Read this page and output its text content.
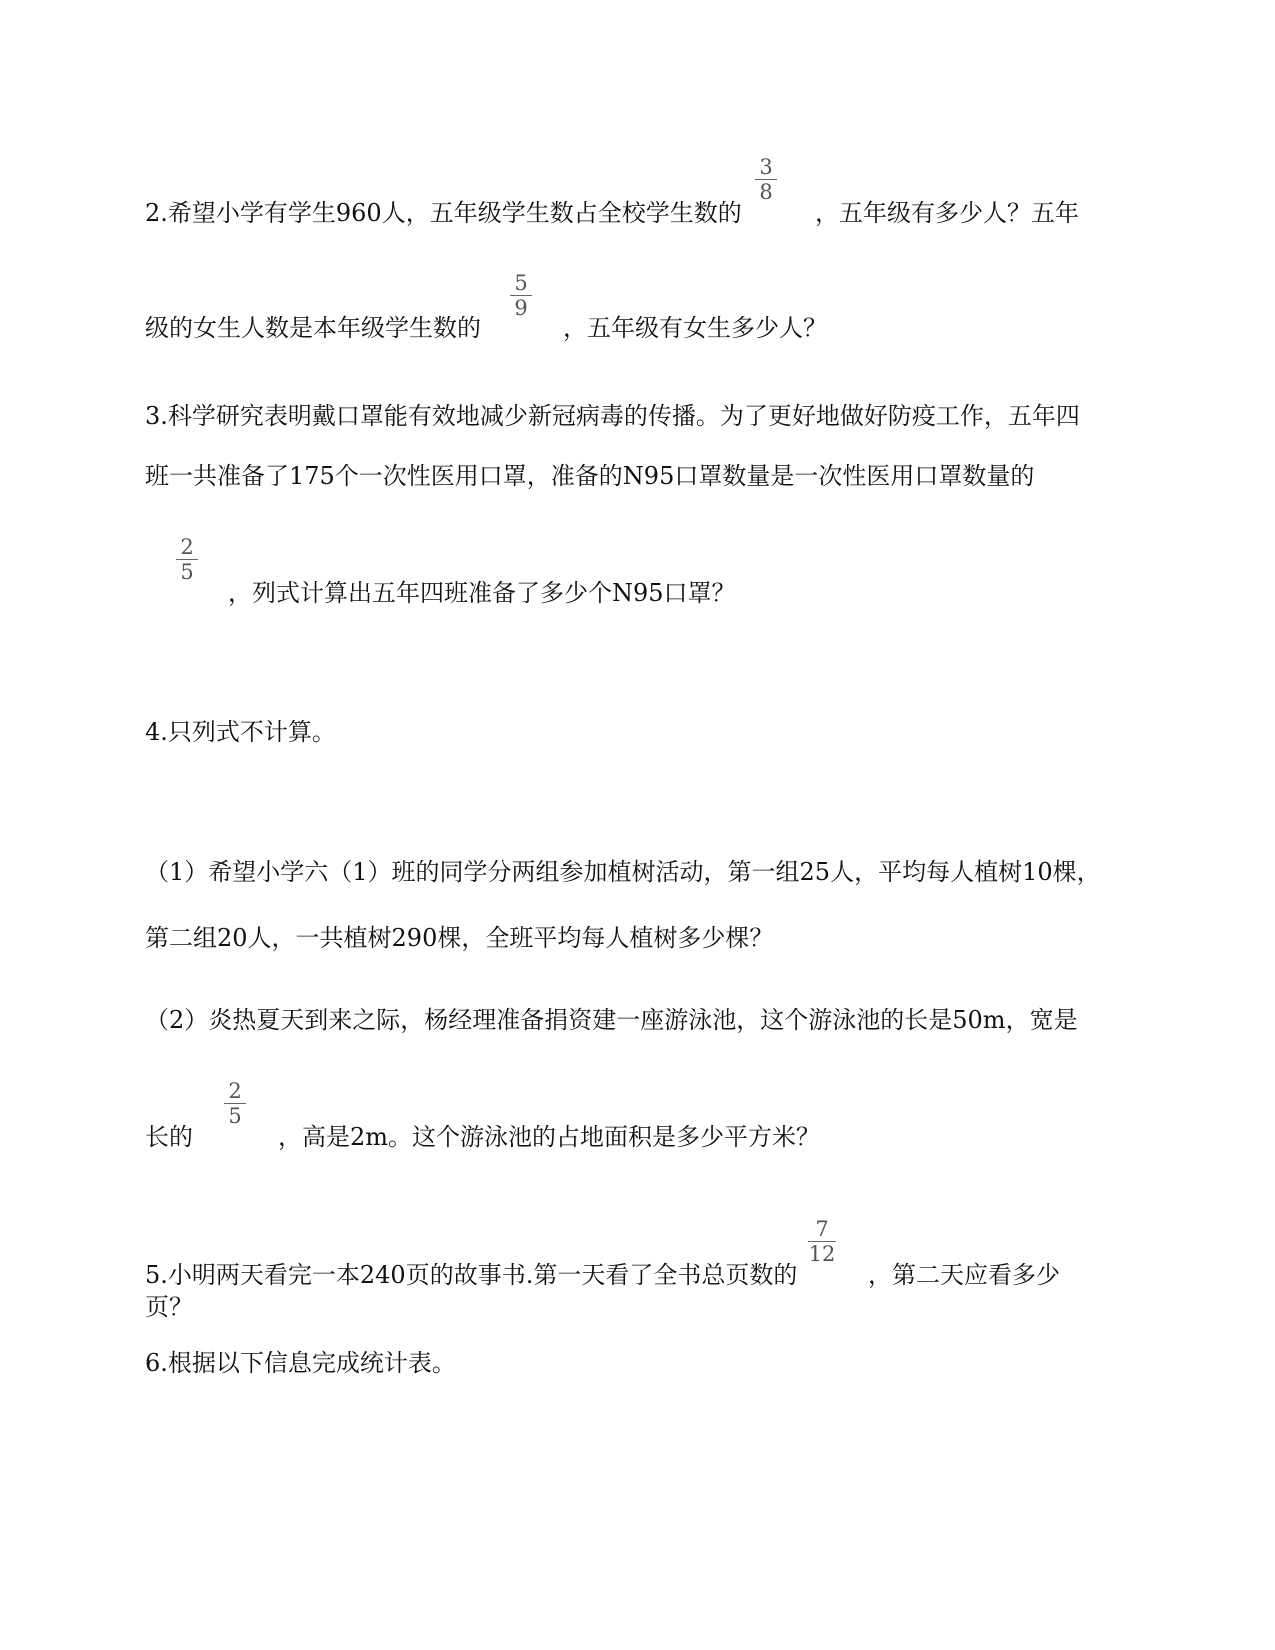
3
8
2.希望小学有学生960人，五年级学生数占全校学生数的	，五年级有多少人？五年
5
9
级的女生人数是本年级学生数的	，五年级有女生多少人？
3.科学研究表明戴口罩能有效地减少新冠病毒的传播。为了更好地做好防疫工作，五年四
班一共准备了175个一次性医用口罩，准备的N95口罩数量是一次性医用口罩数量的
2
5
，列式计算出五年四班准备了多少个N95口罩？
4.只列式不计算。
（1）希望小学六（1）班的同学分两组参加植树活动，第一组25人，平均每人植树10棵，
第二组20人，一共植树290棵，全班平均每人植树多少棵？
（2）炎热夏天到来之际，杨经理准备捐资建一座游泳池，这个游泳池的长是50m，宽是
2
5
长的	，高是2m。这个游泳池的占地面积是多少平方米？
7
12
5.小明两天看完一本240页的故事书.第一天看了全书总页数的	，第二天应看多少
页？
6.根据以下信息完成统计表。
